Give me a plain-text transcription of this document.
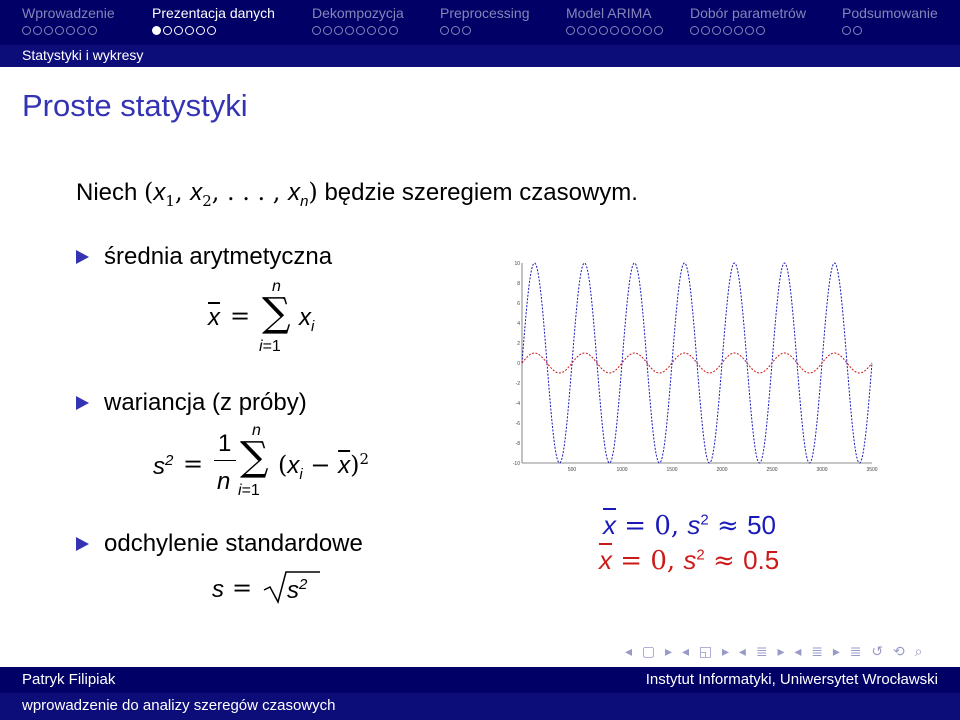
Wprowadzenie	Prezentacja danych	Dekompozycja	Preprocessing	Model ARIMA	Dobór parametrów	Podsumowanie
Statystyki i wykresy
Proste statystyki
Niech ($x_1$, $x_2$, . . . , $x_n$) będzie szeregiem czasowym.
średnia arytmetyczna
$\overline{x}$ =
n
∑
i=1
$x_i$
wariancja (z próby)
$s^2$ =
1
n
n
∑
i=1
$(x_i - \overline{x})^2$
odchylenie standardowe
$s = s^2$
10
8
6
4
2
0
-2
-4
-6
-8
-10
500	1000	1500	2000	2500	3000	3500
$\overline{x} = 0$, $s^2 \approx 50$
$\overline{x} = 0$, $s^2 \approx 0.5$
◂ ▢ ▸ ◂ ◱ ▸ ◂ ≣ ▸ ◂ ≣ ▸ ≣ ↺ ⟲ ⌕
Patryk Filipiak	Instytut Informatyki, Uniwersytet Wrocławski
wprowadzenie do analizy szeregów czasowych
